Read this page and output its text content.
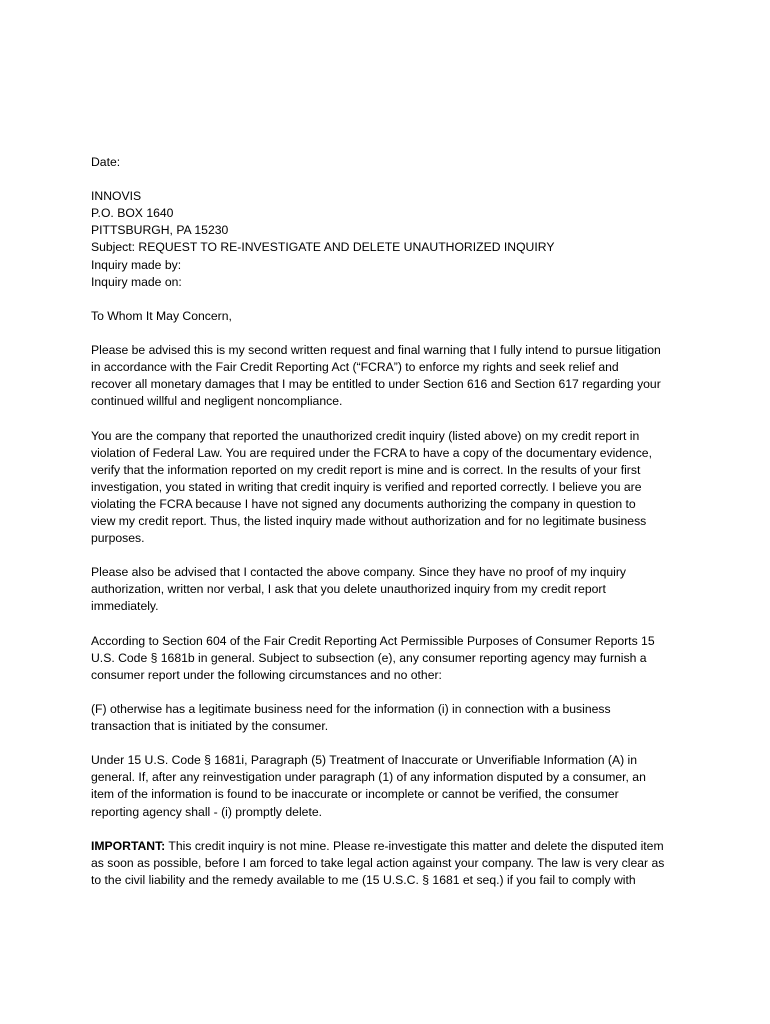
Date:

INNOVIS

P.O. BOX 1640

PITTSBURGH, PA 15230

Subject: REQUEST TO RE-INVESTIGATE AND DELETE UNAUTHORIZED INQUIRY

Inquiry made by:

Inquiry made on:

To Whom It May Concern,

Please be advised this is my second written request and final warning that I fully intend to pursue litigation

in accordance with the Fair Credit Reporting Act (“FCRA”) to enforce my rights and seek relief and

recover all monetary damages that I may be entitled to under Section 616 and Section 617 regarding your

continued willful and negligent noncompliance.

You are the company that reported the unauthorized credit inquiry (listed above) on my credit report in

violation of Federal Law. You are required under the FCRA to have a copy of the documentary evidence,

verify that the information reported on my credit report is mine and is correct. In the results of your first

investigation, you stated in writing that credit inquiry is verified and reported correctly. I believe you are

violating the FCRA because I have not signed any documents authorizing the company in question to

view my credit report. Thus, the listed inquiry made without authorization and for no legitimate business

purposes.

Please also be advised that I contacted the above company. Since they have no proof of my inquiry

authorization, written nor verbal, I ask that you delete unauthorized inquiry from my credit report

immediately.

According to Section 604 of the Fair Credit Reporting Act Permissible Purposes of Consumer Reports 15

U.S. Code § 1681b in general. Subject to subsection (e), any consumer reporting agency may furnish a

consumer report under the following circumstances and no other:

(F) otherwise has a legitimate business need for the information (i) in connection with a business

transaction that is initiated by the consumer.

Under 15 U.S. Code § 1681i, Paragraph (5) Treatment of Inaccurate or Unverifiable Information (A) in

general. If, after any reinvestigation under paragraph (1) of any information disputed by a consumer, an

item of the information is found to be inaccurate or incomplete or cannot be verified, the consumer

reporting agency shall - (i) promptly delete.

IMPORTANT: This credit inquiry is not mine. Please re-investigate this matter and delete the disputed item

as soon as possible, before I am forced to take legal action against your company. The law is very clear as

to the civil liability and the remedy available to me (15 U.S.C. § 1681 et seq.) if you fail to comply with
